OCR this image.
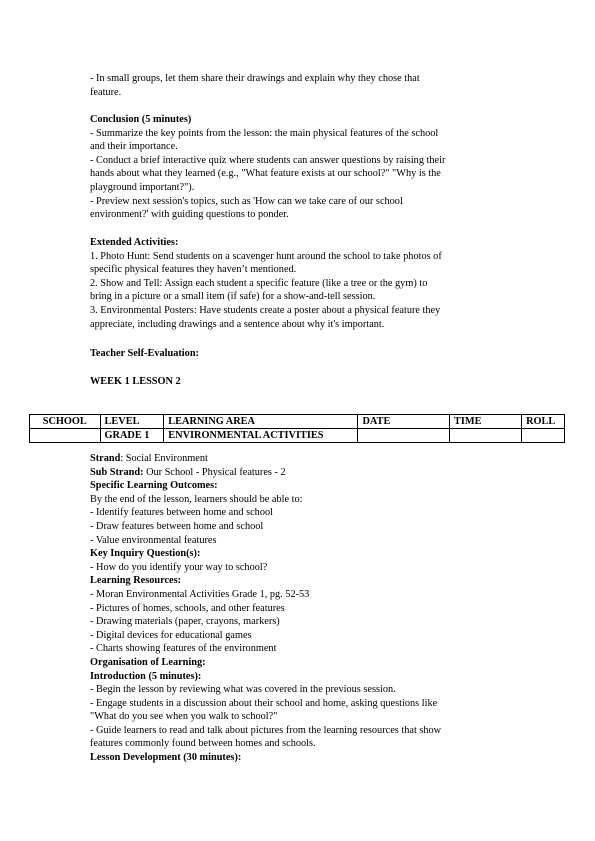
- In small groups, let them share their drawings and explain why they chose that

feature.

Conclusion (5 minutes)

- Summarize the key points from the lesson: the main physical features of the school

and their importance.

- Conduct a brief interactive quiz where students can answer questions by raising their

hands about what they learned (e.g., "What feature exists at our school?" "Why is the

playground important?").

- Preview next session's topics, such as 'How can we take care of our school

environment?' with guiding questions to ponder.

Extended Activities:

1. Photo Hunt: Send students on a scavenger hunt around the school to take photos of

specific physical features they haven’t mentioned.

2. Show and Tell: Assign each student a specific feature (like a tree or the gym) to

bring in a picture or a small item (if safe) for a show-and-tell session.

3. Environmental Posters: Have students create a poster about a physical feature they

appreciate, including drawings and a sentence about why it's important.

Teacher Self-Evaluation:

WEEK 1 LESSON 2

SCHOOL	LEVEL	LEARNING AREA	DATE	TIME	ROLL
	GRADE 1	ENVIRONMENTAL ACTIVITIES			

Strand: Social Environment

Sub Strand: Our School - Physical features - 2

Specific Learning Outcomes:

By the end of the lesson, learners should be able to:

- Identify features between home and school

- Draw features between home and school

- Value environmental features

Key Inquiry Question(s):

- How do you identify your way to school?

Learning Resources:

- Moran Environmental Activities Grade 1, pg. 52-53

- Pictures of homes, schools, and other features

- Drawing materials (paper, crayons, markers)

- Digital devices for educational games

- Charts showing features of the environment

Organisation of Learning:

Introduction (5 minutes):

- Begin the lesson by reviewing what was covered in the previous session.

- Engage students in a discussion about their school and home, asking questions like

"What do you see when you walk to school?"

- Guide learners to read and talk about pictures from the learning resources that show

features commonly found between homes and schools.

Lesson Development (30 minutes):
